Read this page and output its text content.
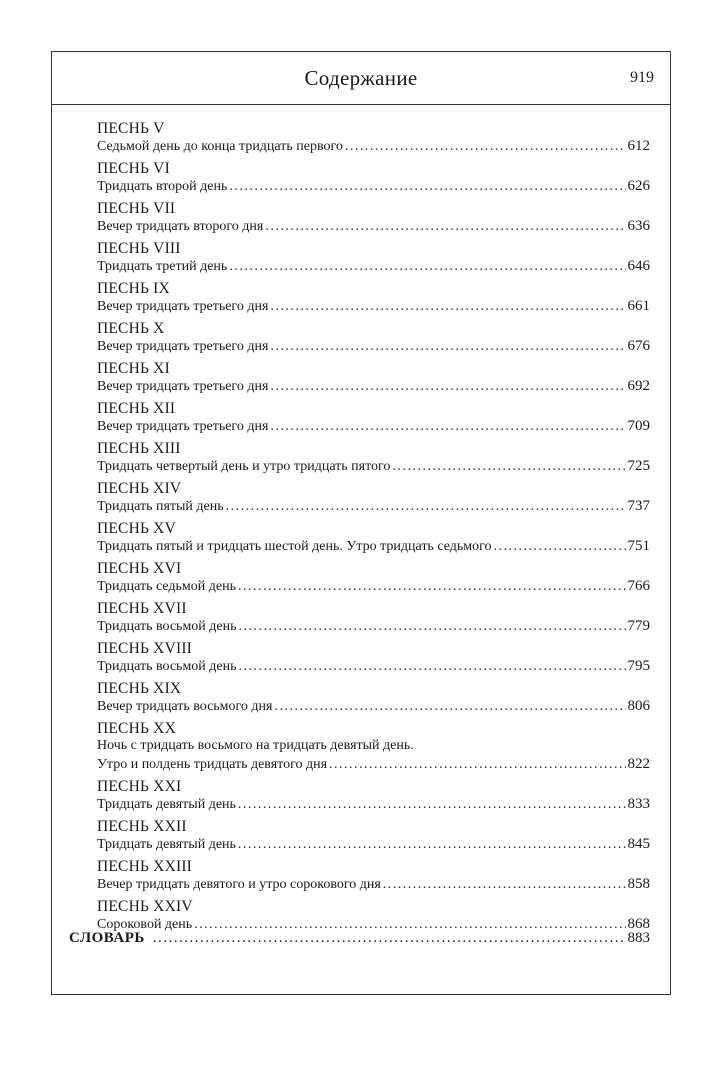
Содержание	919
ПЕСНЬ V
Седьмой день до конца тридцать первого .....	612
ПЕСНЬ VI
Тридцать второй день .....	626
ПЕСНЬ VII
Вечер тридцать второго дня .....	636
ПЕСНЬ VIII
Тридцать третий день .....	646
ПЕСНЬ IX
Вечер тридцать третьего дня .....	661
ПЕСНЬ X
Вечер тридцать третьего дня .....	676
ПЕСНЬ XI
Вечер тридцать третьего дня .....	692
ПЕСНЬ XII
Вечер тридцать третьего дня .....	709
ПЕСНЬ XIII
Тридцать четвертый день и утро тридцать пятого .....	725
ПЕСНЬ XIV
Тридцать пятый день .....	737
ПЕСНЬ XV
Тридцать пятый и тридцать шестой день. Утро тридцать седьмого .....	751
ПЕСНЬ XVI
Тридцать седьмой день .....	766
ПЕСНЬ XVII
Тридцать восьмой день .....	779
ПЕСНЬ XVIII
Тридцать восьмой день .....	795
ПЕСНЬ XIX
Вечер тридцать восьмого дня .....	806
ПЕСНЬ XX
Ночь с тридцать восьмого на тридцать девятый день.
Утро и полдень тридцать девятого дня .....	822
ПЕСНЬ XXI
Тридцать девятый день .....	833
ПЕСНЬ XXII
Тридцать девятый день .....	845
ПЕСНЬ XXIII
Вечер тридцать девятого и утро сорокового дня .....	858
ПЕСНЬ XXIV
Сороковой день .....	868
СЛОВАРЬ .....	883
